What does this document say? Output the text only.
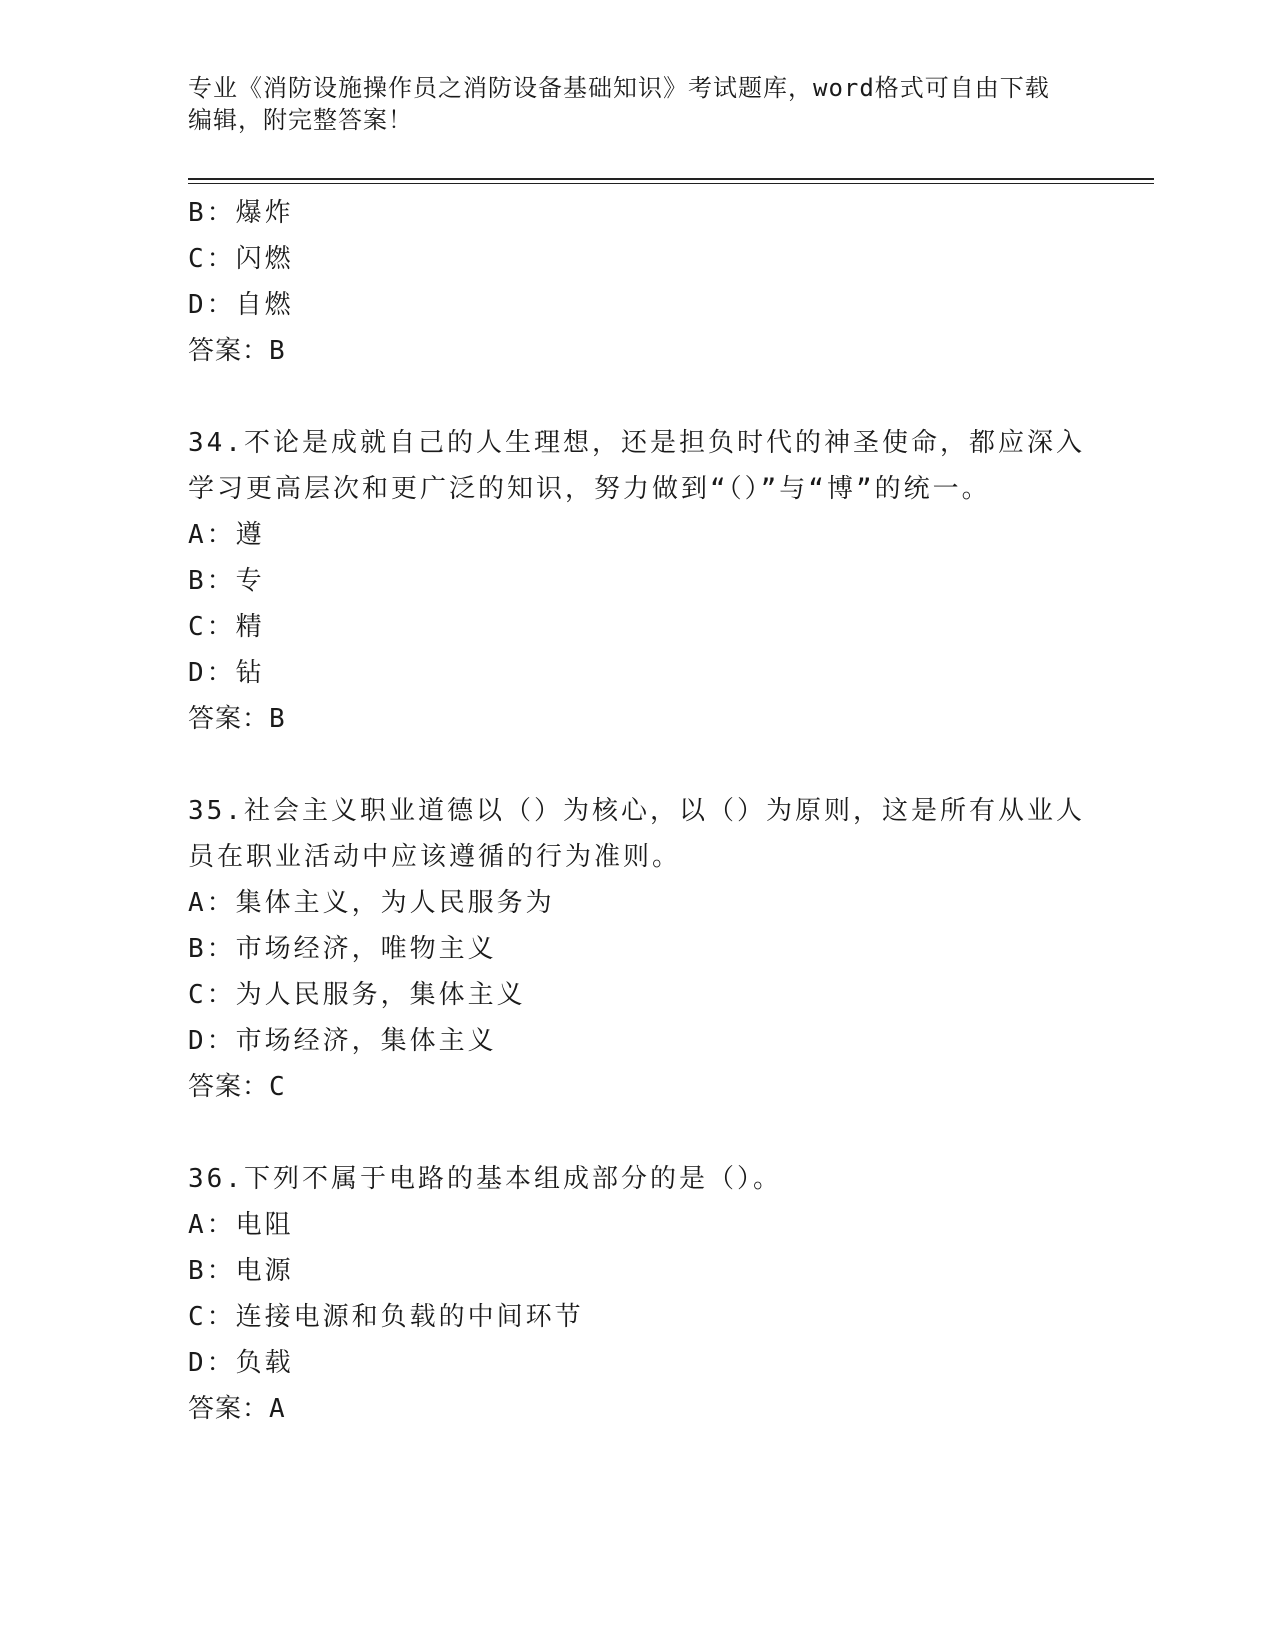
专业《消防设施操作员之消防设备基础知识》考试题库，word格式可自由下载编辑，附完整答案！
B：爆炸
C：闪燃
D：自燃
答案：B
34.不论是成就自己的人生理想，还是担负时代的神圣使命，都应深入学习更高层次和更广泛的知识，努力做到“（）”与“博”的统一。
A：遵
B：专
C：精
D：钻
答案：B
35.社会主义职业道德以（）为核心，以（）为原则，这是所有从业人员在职业活动中应该遵循的行为准则。
A：集体主义，为人民服务为
B：市场经济，唯物主义
C：为人民服务，集体主义
D：市场经济，集体主义
答案：C
36.下列不属于电路的基本组成部分的是（）。
A：电阻
B：电源
C：连接电源和负载的中间环节
D：负载
答案：A
